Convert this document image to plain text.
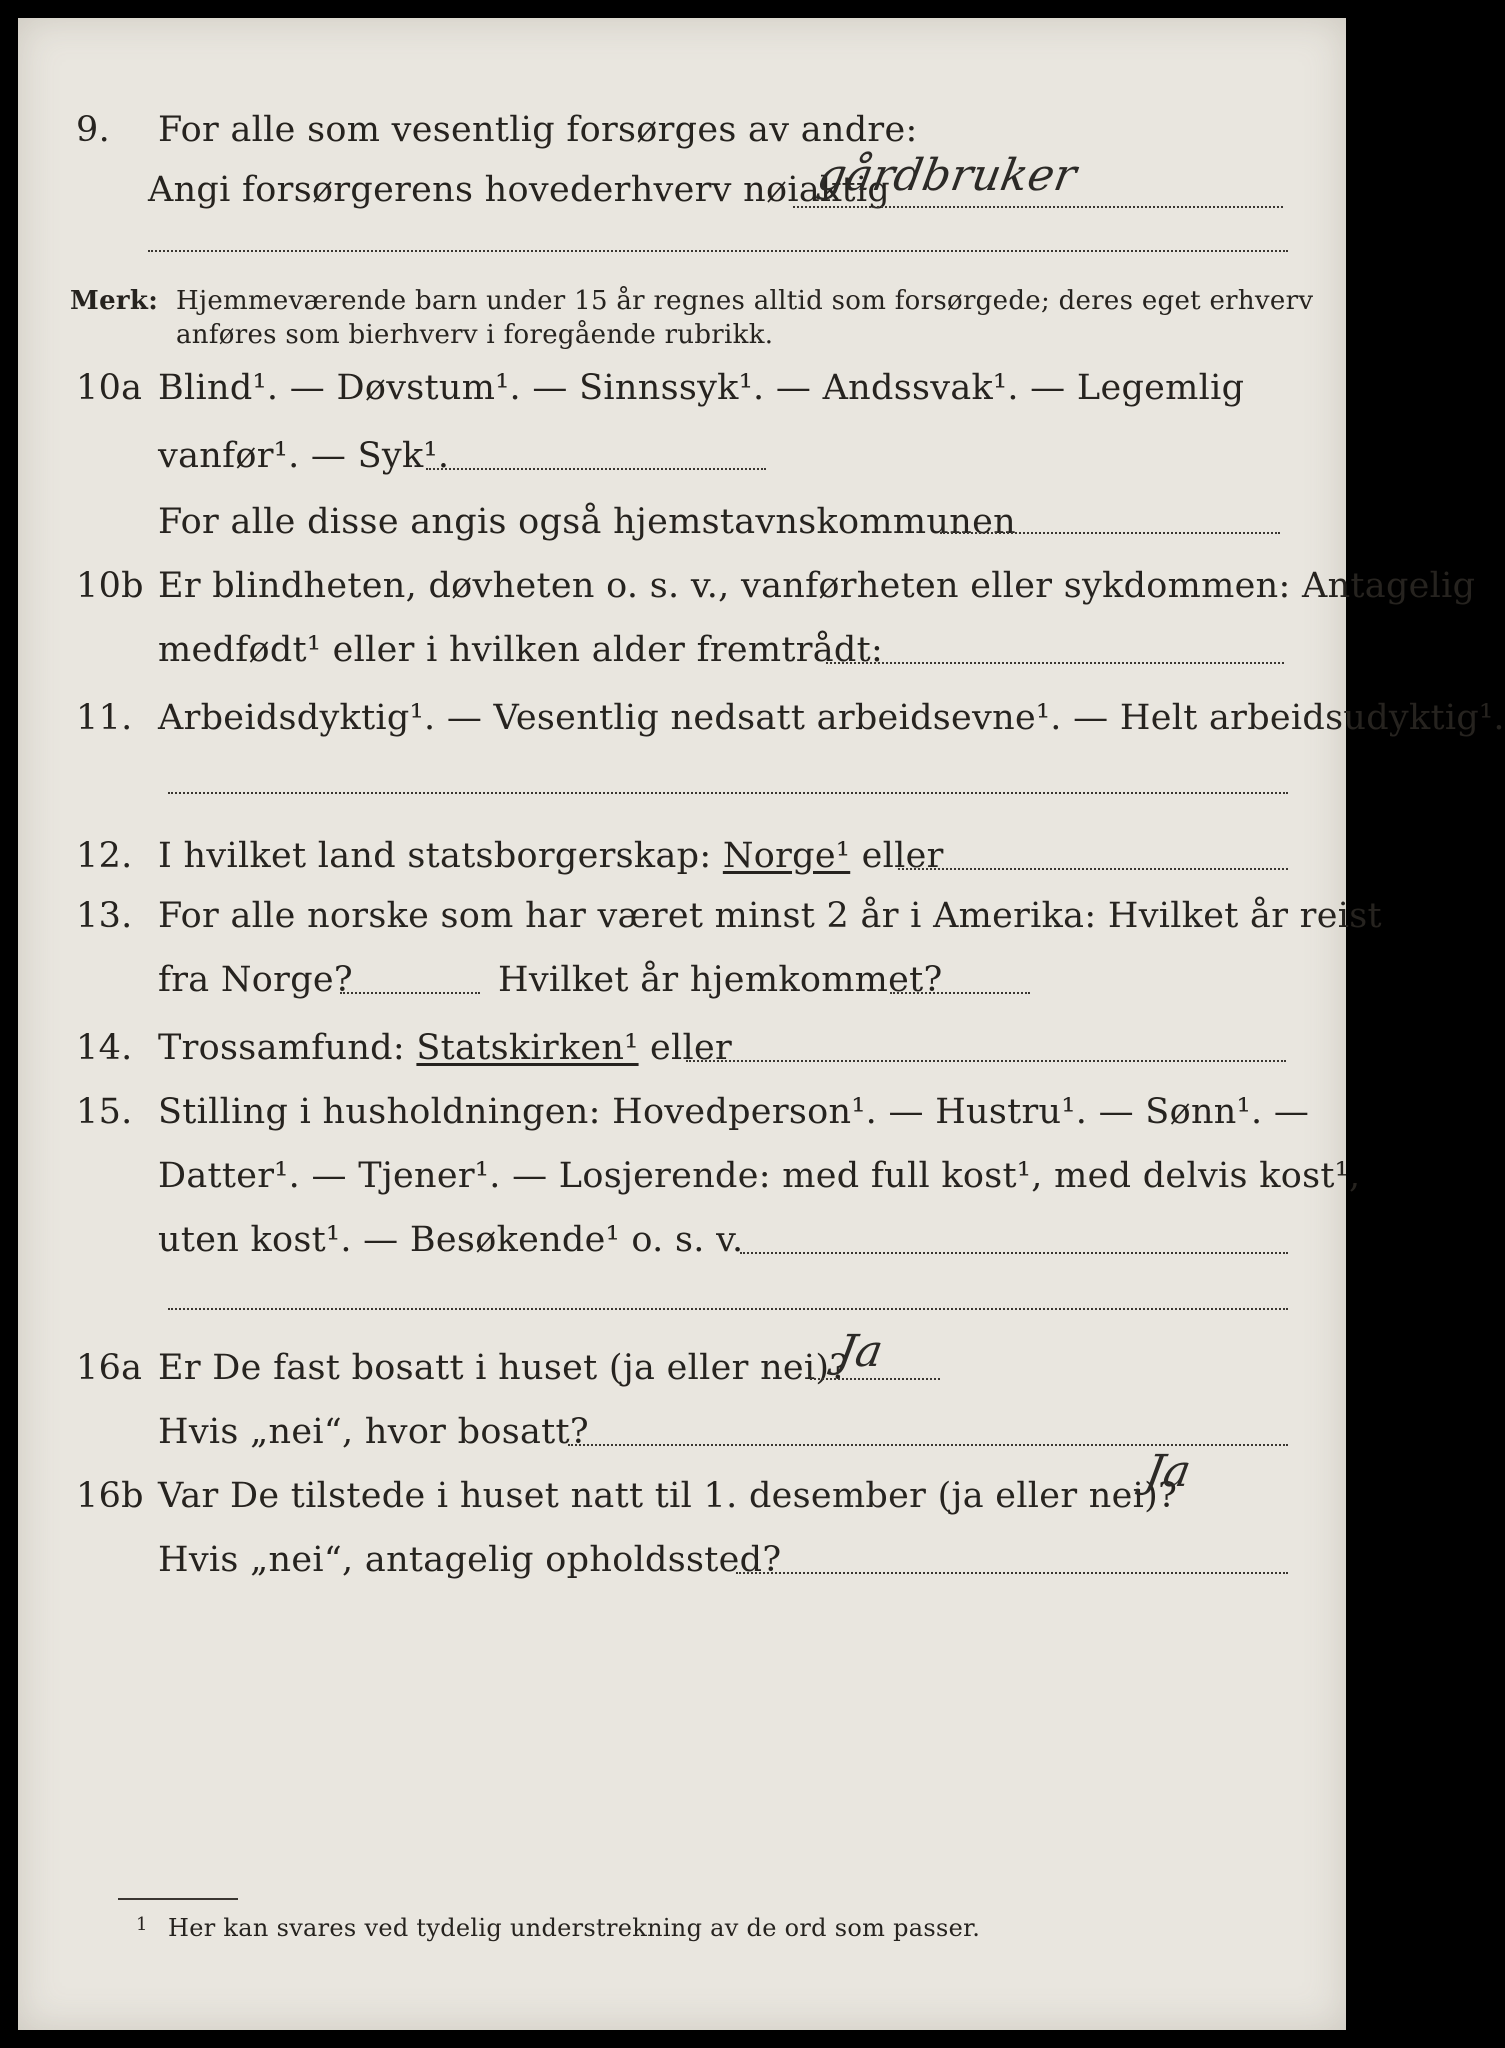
9. For alle som vesentlig forsørges av andre:
Angi forsørgerens hovederhverv nøiaktig
gårdbruker
Merk: Hjemmeværende barn under 15 år regnes alltid som forsørgede; deres eget erhverv
anføres som bierhverv i foregående rubrikk.
10a Blind¹. — Døvstum¹. — Sinnssyk¹. — Andssvak¹. — Legemlig
vanfør¹. — Syk¹.
For alle disse angis også hjemstavnskommunen
10b Er blindheten, døvheten o. s. v., vanførheten eller sykdommen: Antagelig
medfødt¹ eller i hvilken alder fremtrådt:
11. Arbeidsdyktig¹. — Vesentlig nedsatt arbeidsevne¹. — Helt arbeidsudyktig¹.
12. I hvilket land statsborgerskap: Norge¹ eller
13. For alle norske som har været minst 2 år i Amerika: Hvilket år reist
fra Norge?	Hvilket år hjemkommet?
14. Trossamfund: Statskirken¹ eller
15. Stilling i husholdningen: Hovedperson¹. — Hustru¹. — Sønn¹. —
Datter¹. — Tjener¹. — Losjerende: med full kost¹, med delvis kost¹,
uten kost¹. — Besøkende¹ o. s. v.
16a Er De fast bosatt i huset (ja eller nei)?
Ja
Hvis „nei“, hvor bosatt?
16b Var De tilstede i huset natt til 1. desember (ja eller nei)?
Ja
Hvis „nei“, antagelig opholdssted?
1 Her kan svares ved tydelig understrekning av de ord som passer.
